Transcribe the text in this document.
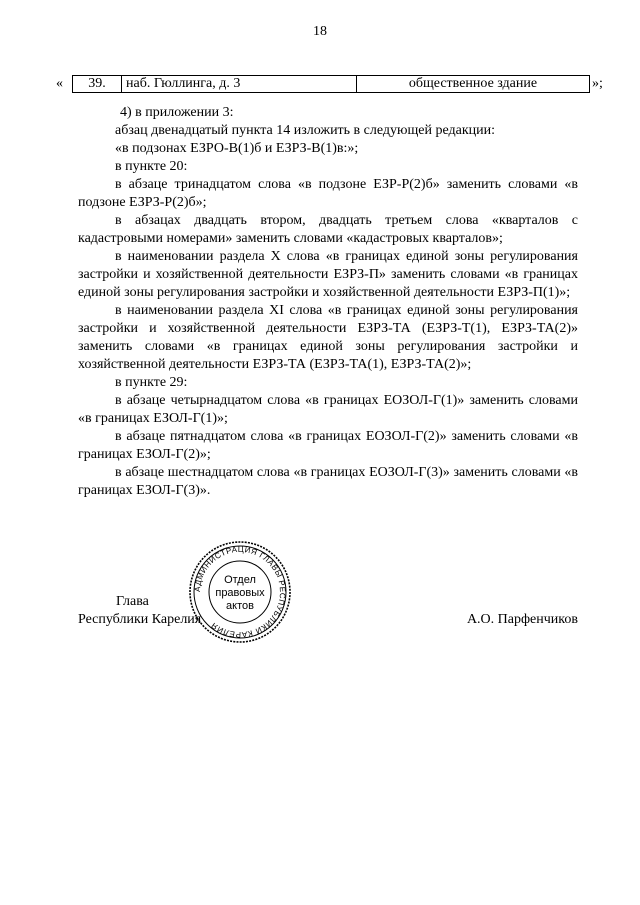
18
« 39.	наб. Гюллинга, д. 3	общественное здание	»;

4) в приложении 3:

абзац двенадцатый пункта 14 изложить в следующей редакции:

«в подзонах ЕЗРО-В(1)б и ЕЗРЗ-В(1)в:»;

в пункте 20:

в абзаце тринадцатом слова «в подзоне ЕЗР-Р(2)б» заменить словами «в подзоне ЕЗРЗ-Р(2)б»;

в абзацах двадцать втором, двадцать третьем слова «кварталов с кадастровыми номерами» заменить словами «кадастровых кварталов»;

в наименовании раздела X слова «в границах единой зоны регулирования застройки и хозяйственной деятельности ЕЗРЗ-П» заменить словами «в границах единой зоны регулирования застройки и хозяйственной деятельности ЕЗРЗ-П(1)»;

в наименовании раздела XI слова «в границах единой зоны регулирования застройки и хозяйственной деятельности ЕЗРЗ-ТА (ЕЗРЗ-Т(1), ЕЗРЗ-ТА(2)» заменить словами «в границах единой зоны регулирования застройки и хозяйственной деятельности ЕЗРЗ-ТА (ЕЗРЗ-ТА(1), ЕЗРЗ-ТА(2)»;

в пункте 29:

в абзаце четырнадцатом слова «в границах ЕОЗОЛ-Г(1)» заменить словами «в границах ЕЗОЛ-Г(1)»;

в абзаце пятнадцатом слова «в границах ЕОЗОЛ-Г(2)» заменить словами «в границах ЕЗОЛ-Г(2)»;

в абзаце шестнадцатом слова «в границах ЕОЗОЛ-Г(3)» заменить словами «в границах ЕЗОЛ-Г(3)».

Глава
Республики Карелия	А.О. Парфенчиков
АДМИНИСТРАЦИЯ ГЛАВЫ РЕСПУБЛИКИ КАРЕЛИЯ
Отдел
правовых
актов
